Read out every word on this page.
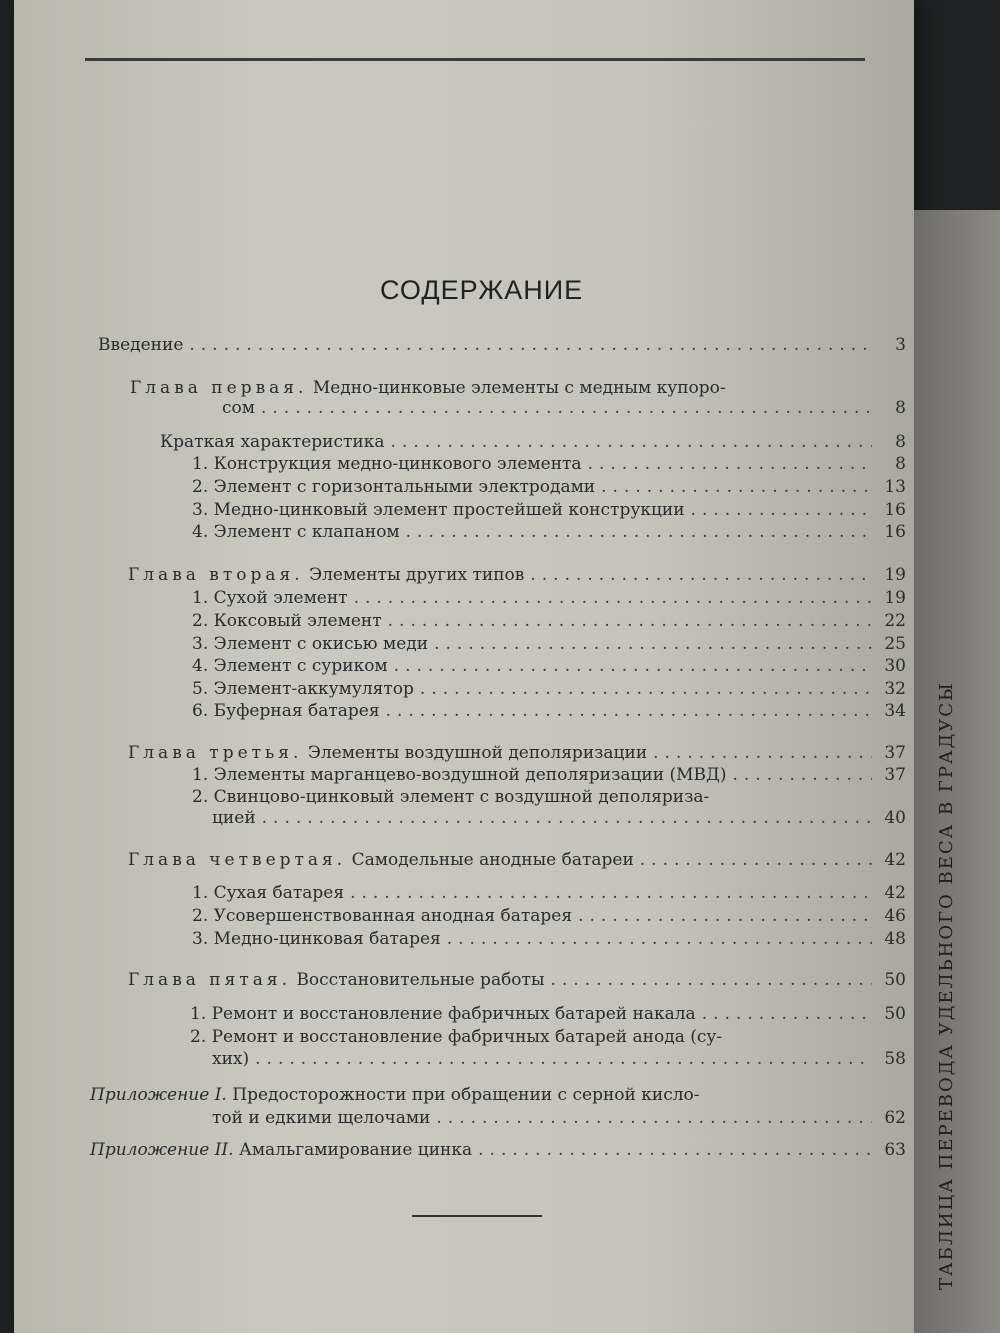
ТАБЛИЦА ПЕРЕВОДА УДЕЛЬНОГО ВЕСА В ГРАДУСЫ
СОДЕРЖАНИЕ
Введение .....	3
Глава первая. Медно-цинковые элементы с медным купоро-
сом .....	8
Краткая характеристика .....	8
1. Конструкция медно-цинкового элемента .....	8
2. Элемент с горизонтальными электродами .....	13
3. Медно-цинковый элемент простейшей конструкции .....	16
4. Элемент с клапаном .....	16
Глава вторая. Элементы других типов .....	19
1. Сухой элемент .....	19
2. Коксовый элемент .....	22
3. Элемент с окисью меди .....	25
4. Элемент с суриком .....	30
5. Элемент-аккумулятор .....	32
6. Буферная батарея .....	34
Глава третья. Элементы воздушной деполяризации .....	37
1. Элементы марганцево-воздушной деполяризации (МВД) .....	37
2. Свинцово-цинковый элемент с воздушной деполяриза-
цией .....	40
Глава четвертая. Самодельные анодные батареи .....	42
1. Сухая батарея .....	42
2. Усовершенствованная анодная батарея .....	46
3. Медно-цинковая батарея .....	48
Глава пятая. Восстановительные работы .....	50
1. Ремонт и восстановление фабричных батарей накала .....	50
2. Ремонт и восстановление фабричных батарей анода (су-
хих) .....	58
Приложение I. Предосторожности при обращении с серной кисло-
той и едкими щелочами .....	62
Приложение II. Амальгамирование цинка .....	63
